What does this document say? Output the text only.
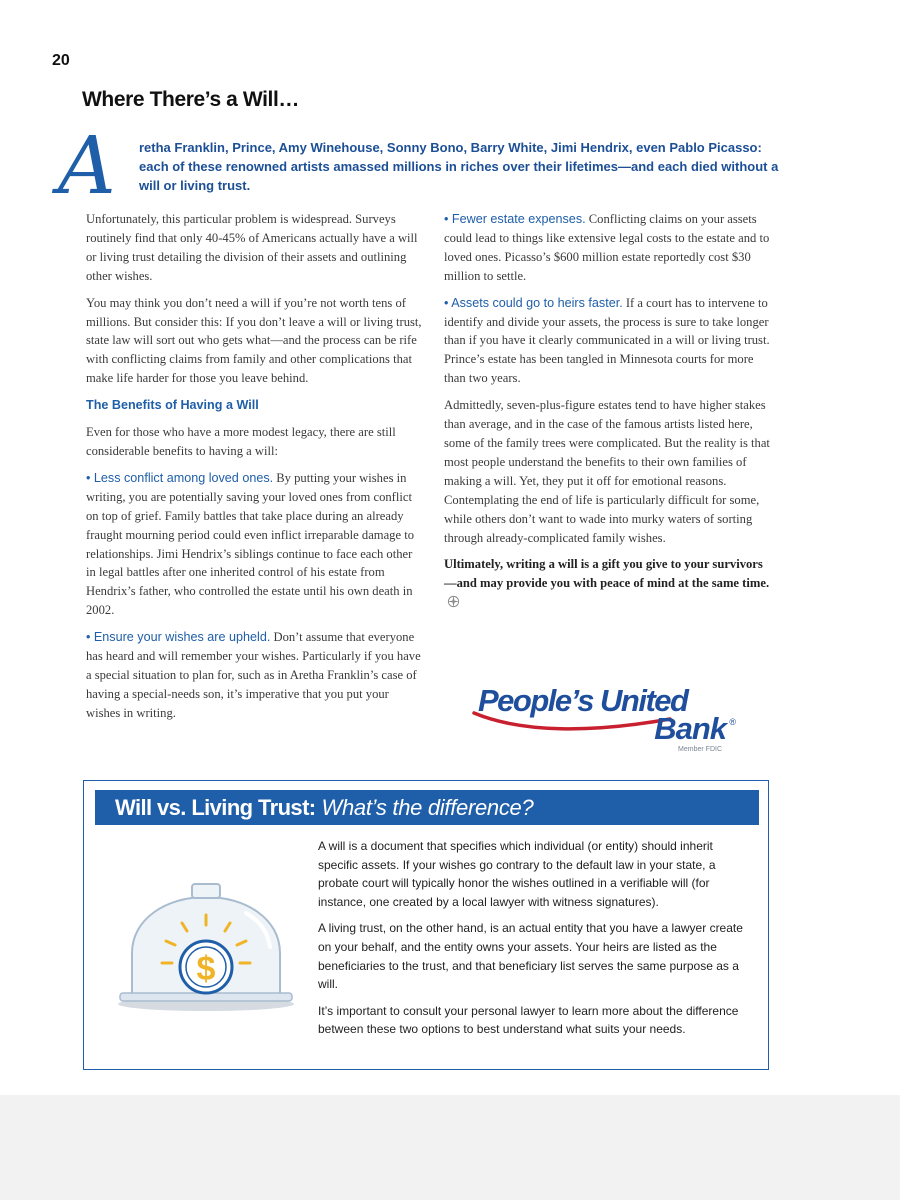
20
Where There’s a Will…
A retha Franklin, Prince, Amy Winehouse, Sonny Bono, Barry White, Jimi Hendrix, even Pablo Picasso: each of these renowned artists amassed millions in riches over their lifetimes—and each died without a will or living trust.

Unfortunately, this particular problem is widespread. Surveys routinely find that only 40-45% of Americans actually have a will or living trust detailing the division of their assets and outlining other wishes.

You may think you don’t need a will if you’re not worth tens of millions. But consider this: If you don’t leave a will or living trust, state law will sort out who gets what—and the process can be rife with conflicting claims from family and other complications that make life harder for those you leave behind.

The Benefits of Having a Will

Even for those who have a more modest legacy, there are still considerable benefits to having a will:

• Less conflict among loved ones. By putting your wishes in writing, you are potentially saving your loved ones from conflict on top of grief. Family battles that take place during an already fraught mourning period could even inflict irreparable damage to relationships. Jimi Hendrix’s siblings continue to face each other in legal battles after one inherited control of his estate from Hendrix’s father, who controlled the estate until his own death in 2002.

• Ensure your wishes are upheld. Don’t assume that everyone has heard and will remember your wishes. Particularly if you have a special situation to plan for, such as in Aretha Franklin’s case of having a special-needs son, it’s imperative that you put your wishes in writing.

• Fewer estate expenses. Conflicting claims on your assets could lead to things like extensive legal costs to the estate and to loved ones. Picasso’s $600 million estate reportedly cost $30 million to settle.

• Assets could go to heirs faster. If a court has to intervene to identify and divide your assets, the process is sure to take longer than if you have it clearly communicated in a will or living trust. Prince’s estate has been tangled in Minnesota courts for more than two years.

Admittedly, seven-plus-figure estates tend to have higher stakes than average, and in the case of the famous artists listed here, some of the family trees were complicated. But the reality is that most people understand the benefits to their own families of making a will. Yet, they put it off for emotional reasons. Contemplating the end of life is particularly difficult for some, while others don’t want to wade into murky waters of sorting through already-complicated family wishes.

Ultimately, writing a will is a gift you give to your survivors—and may provide you with peace of mind at the same time.

People’s United
Bank ®
Member FDIC
Will vs. Living Trust: What’s the difference?
$

A will is a document that specifies which individual (or entity) should inherit specific assets. If your wishes go contrary to the default law in your state, a probate court will typically honor the wishes outlined in a verifiable will (for instance, one created by a local lawyer with witness signatures).

A living trust, on the other hand, is an actual entity that you have a lawyer create on your behalf, and the entity owns your assets. Your heirs are listed as the beneficiaries to the trust, and that beneficiary list serves the same purpose as a will.

It’s important to consult your personal lawyer to learn more about the difference between these two options to best understand what suits your needs.
